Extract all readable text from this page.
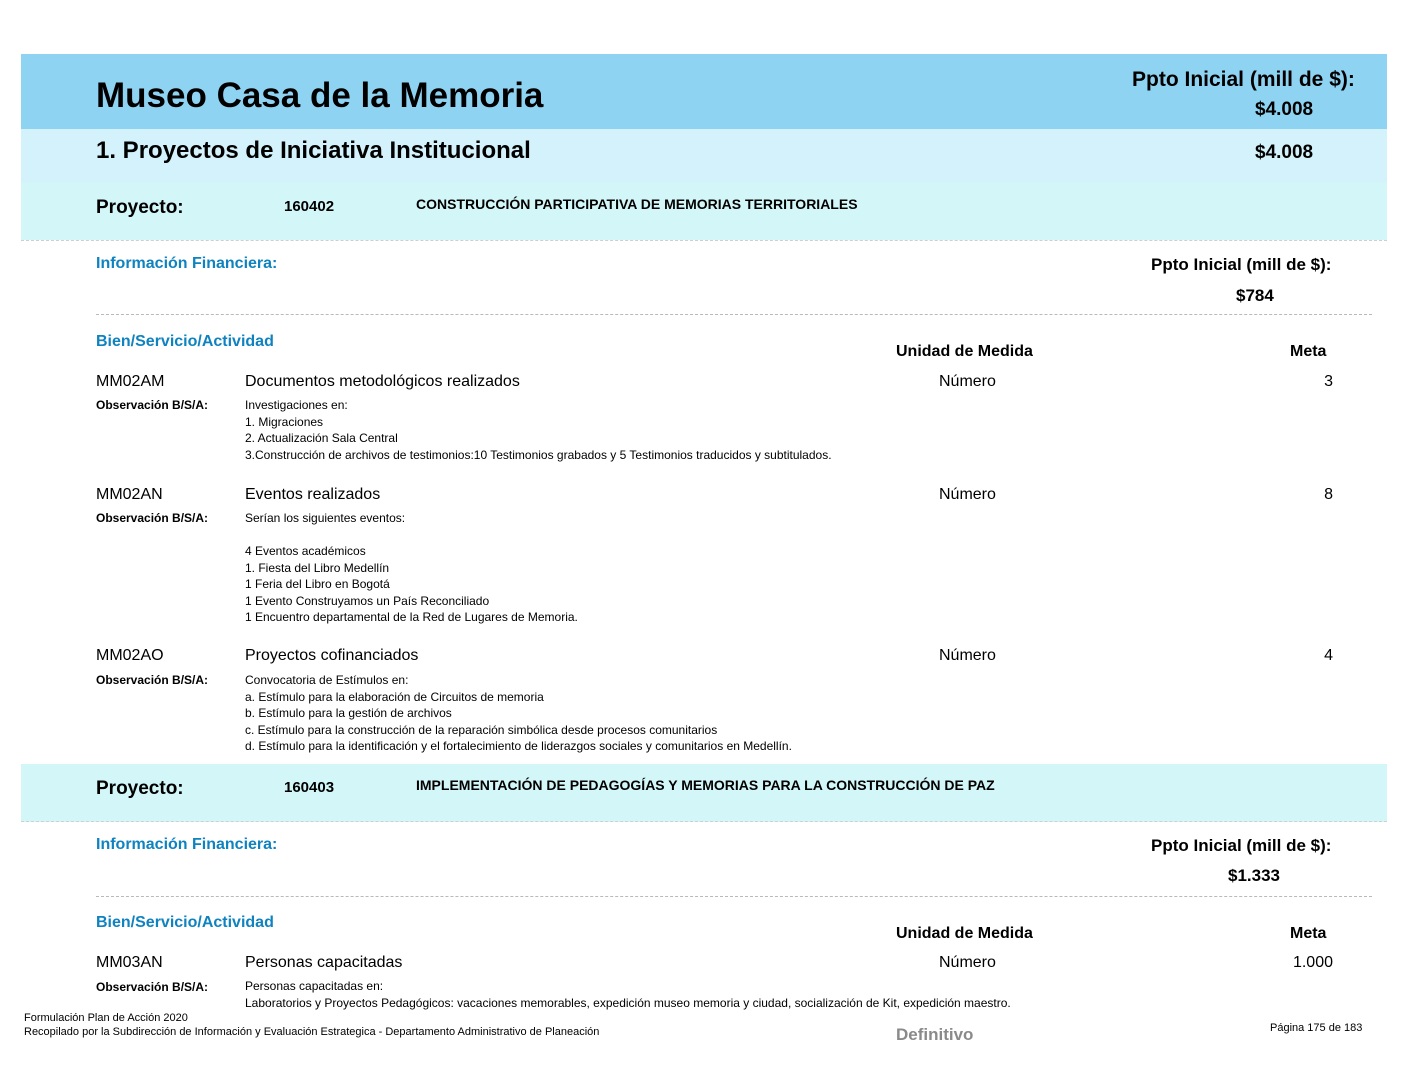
Museo Casa de la Memoria	Ppto Inicial (mill de $):
$4.008
1. Proyectos de Iniciativa Institucional	$4.008
Proyecto:	160402	CONSTRUCCIÓN PARTICIPATIVA DE MEMORIAS TERRITORIALES
Información Financiera:	Ppto Inicial (mill de $):
$784
Bien/Servicio/Actividad
Unidad de Medida	Meta
MM02AM	Documentos metodológicos realizados	Número	3
Observación B/S/A:	Investigaciones en:
1. Migraciones
2. Actualización Sala Central
3.Construcción de archivos de testimonios:10 Testimonios grabados y 5 Testimonios traducidos y subtitulados.
MM02AN	Eventos realizados	Número	8
Observación B/S/A:	Serían los siguientes eventos:

4 Eventos académicos
1. Fiesta del Libro Medellín
1 Feria del Libro en Bogotá
1 Evento Construyamos un País Reconciliado
1 Encuentro departamental de la Red de Lugares de Memoria.
MM02AO	Proyectos cofinanciados	Número	4
Observación B/S/A:	Convocatoria de Estímulos en:
a. Estímulo para la elaboración de Circuitos de memoria
b. Estímulo para la gestión de archivos
c. Estímulo para la construcción de la reparación simbólica desde procesos comunitarios
d. Estímulo para la identificación y el fortalecimiento de liderazgos sociales y comunitarios en Medellín.
Proyecto:	160403	IMPLEMENTACIÓN DE PEDAGOGÍAS Y MEMORIAS PARA LA CONSTRUCCIÓN DE PAZ
Información Financiera:	Ppto Inicial (mill de $):
$1.333
Bien/Servicio/Actividad
Unidad de Medida	Meta
MM03AN	Personas capacitadas	Número	1.000
Observación B/S/A:	Personas capacitadas en:
Laboratorios y Proyectos Pedagógicos: vacaciones memorables, expedición museo memoria y ciudad, socialización de Kit, expedición maestro.
Formulación Plan de Acción 2020
Recopilado por la Subdirección de Información y Evaluación Estrategica - Departamento Administrativo de Planeación	Definitivo	Página 175 de 183
